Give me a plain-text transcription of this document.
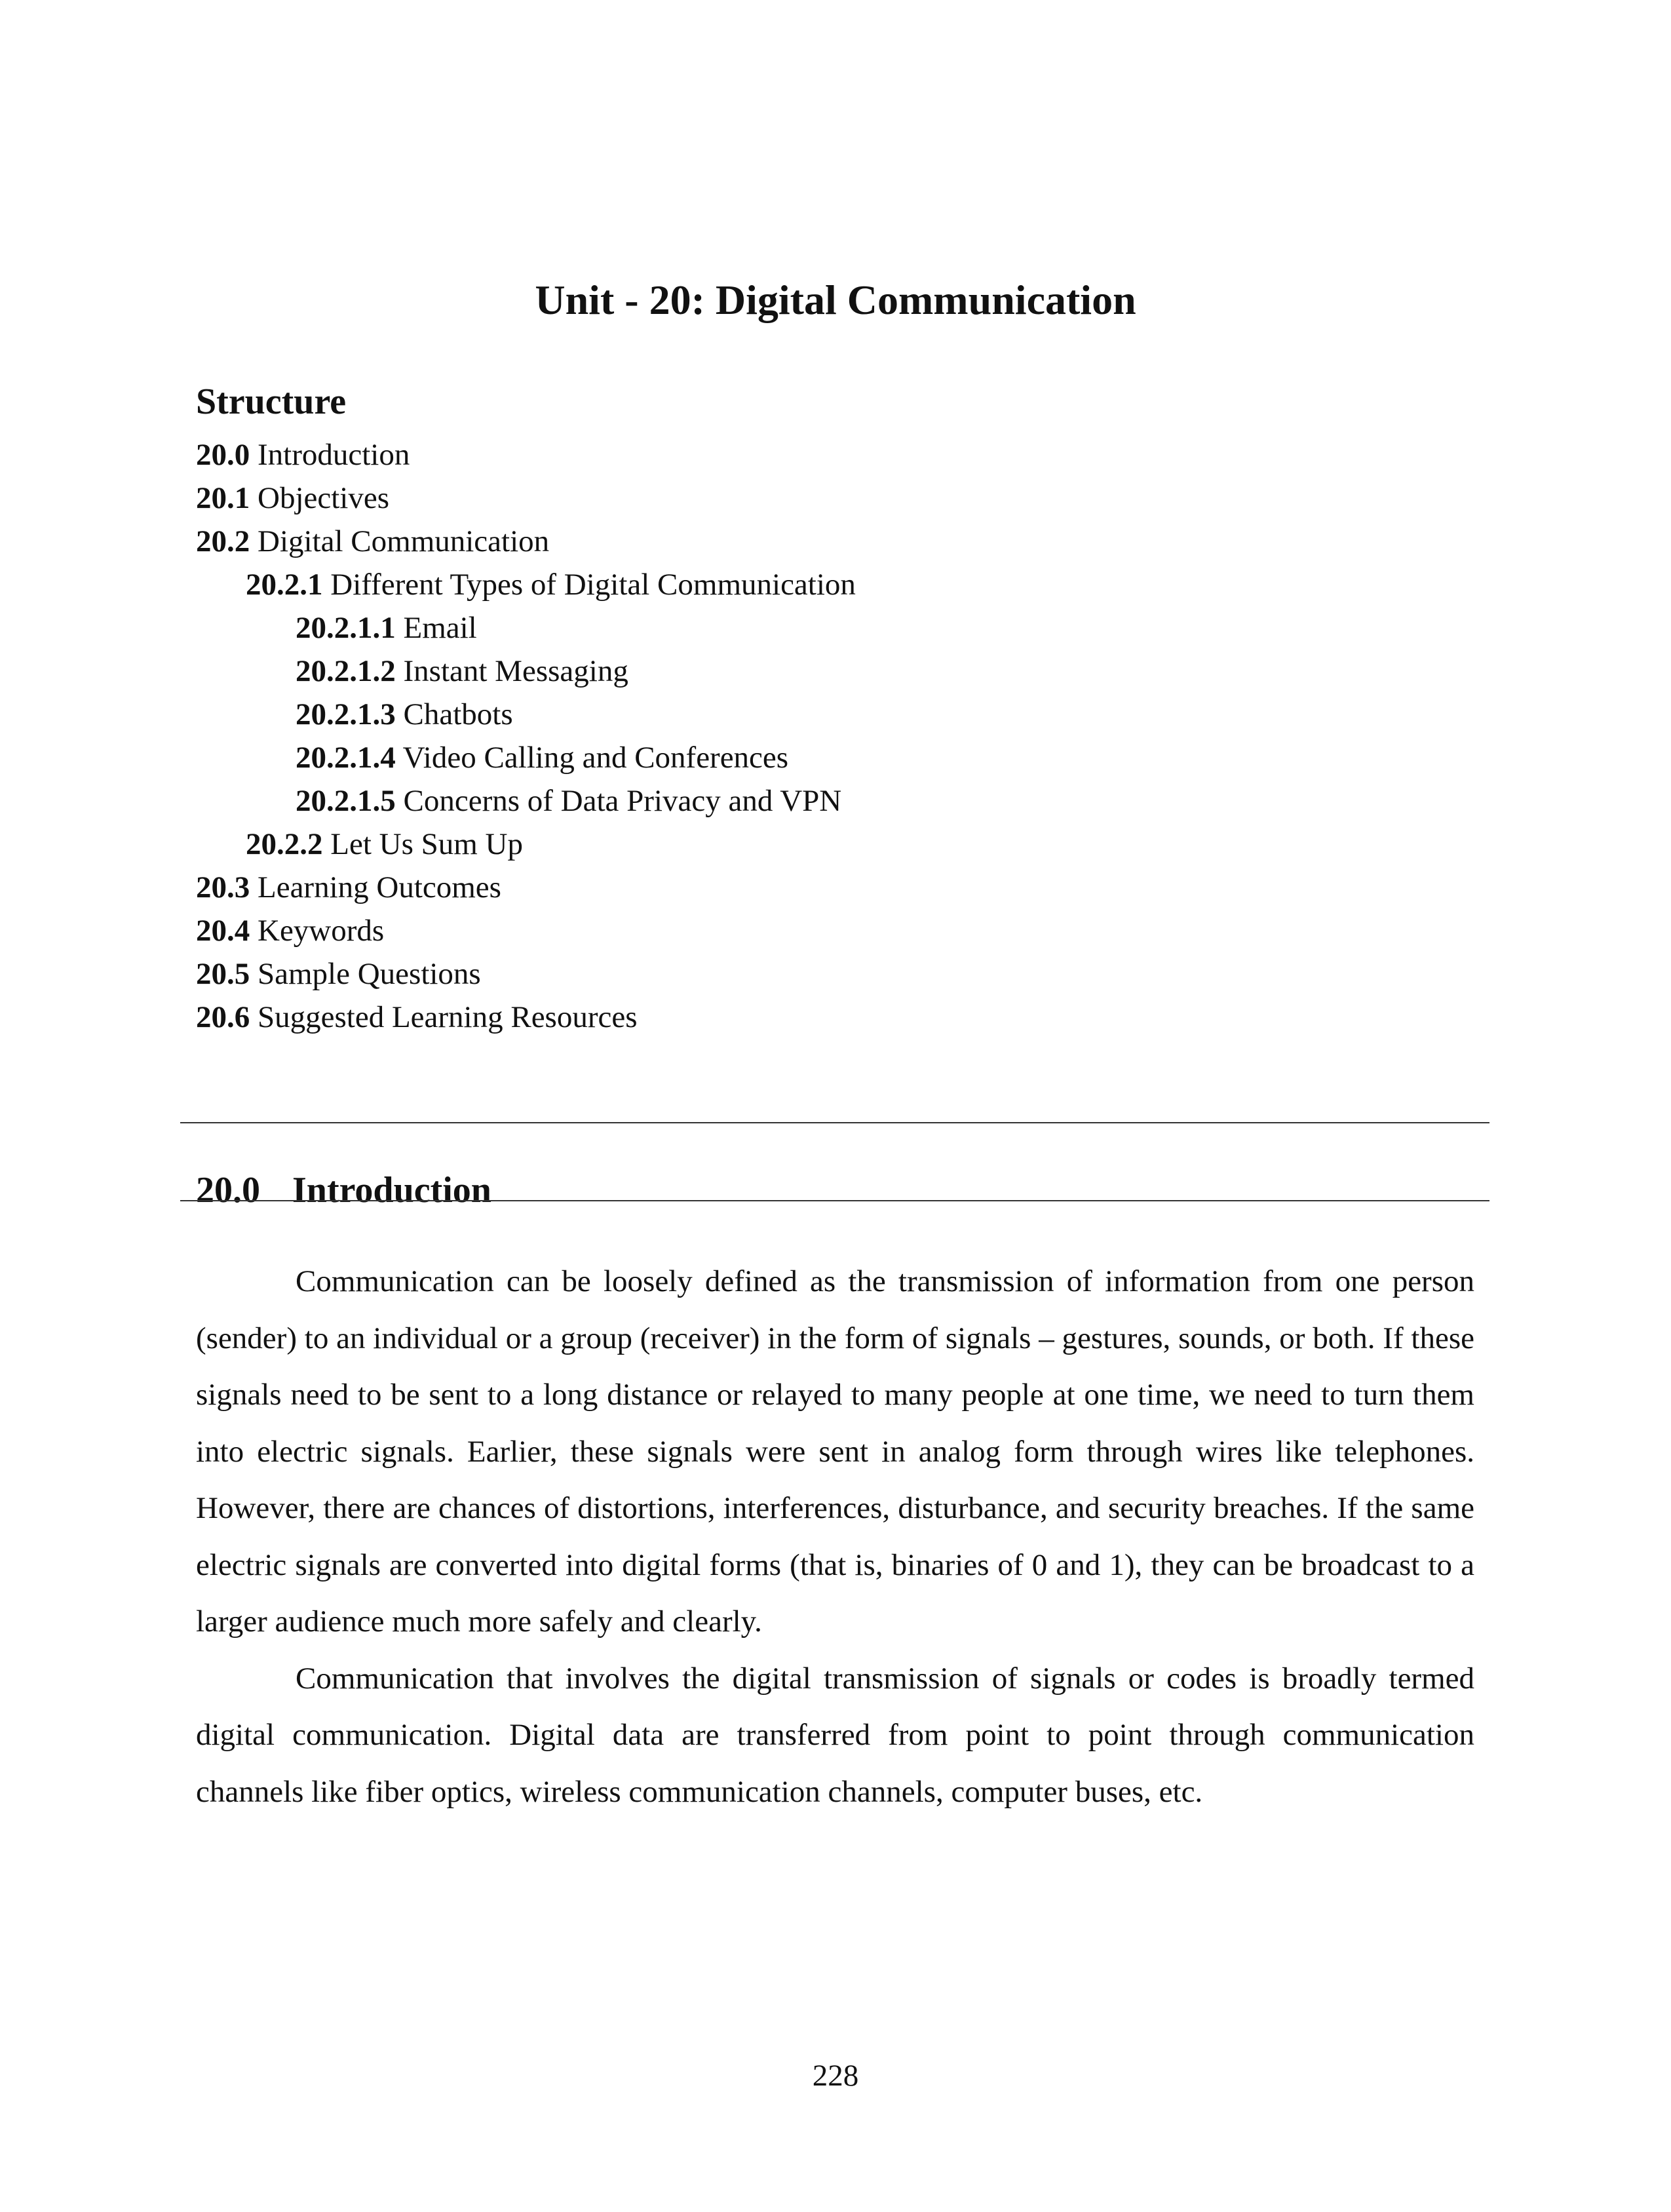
Unit - 20: Digital Communication
Structure
20.0 Introduction
20.1 Objectives
20.2 Digital Communication
20.2.1 Different Types of Digital Communication
20.2.1.1 Email
20.2.1.2 Instant Messaging
20.2.1.3 Chatbots
20.2.1.4 Video Calling and Conferences
20.2.1.5 Concerns of Data Privacy and VPN
20.2.2 Let Us Sum Up
20.3 Learning Outcomes
20.4 Keywords
20.5 Sample Questions
20.6 Suggested Learning Resources
20.0 Introduction

Communication can be loosely defined as the transmission of information from one person (sender) to an individual or a group (receiver) in the form of signals – gestures, sounds, or both. If these signals need to be sent to a long distance or relayed to many people at one time, we need to turn them into electric signals. Earlier, these signals were sent in analog form through wires like telephones. However, there are chances of distortions, interferences, disturbance, and security breaches. If the same electric signals are converted into digital forms (that is, binaries of 0 and 1), they can be broadcast to a larger audience much more safely and clearly.

Communication that involves the digital transmission of signals or codes is broadly termed digital communication. Digital data are transferred from point to point through communication channels like fiber optics, wireless communication channels, computer buses, etc.

228
